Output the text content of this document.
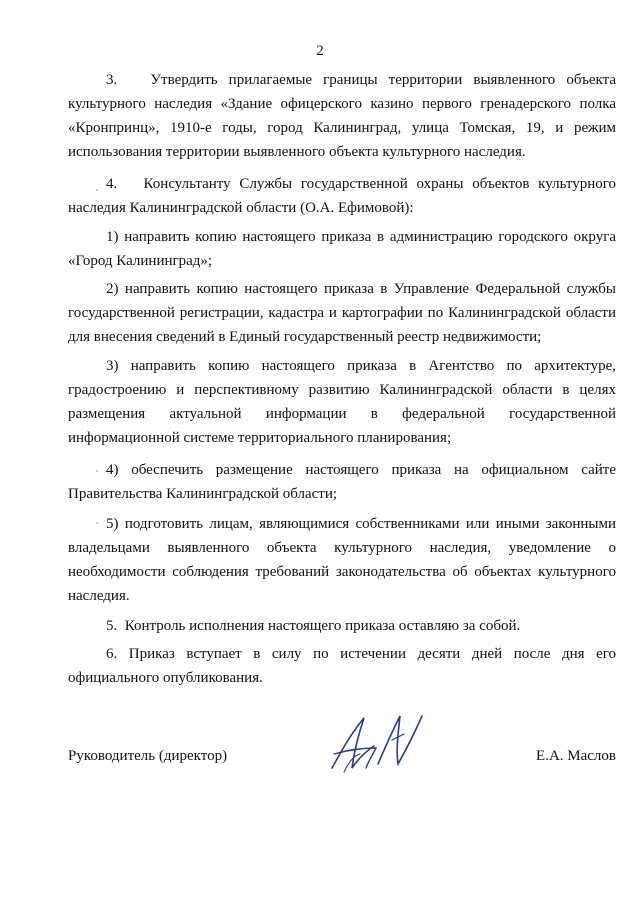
2
3.   Утвердить прилагаемые границы территории выявленного объекта культурного наследия «Здание офицерского казино первого гренадерского полка «Кронпринц», 1910-е годы, город Калининград, улица Томская, 19, и режим использования территории выявленного объекта культурного наследия.
4.   Консультанту Службы государственной охраны объектов культурного наследия Калининградской области (О.А. Ефимовой):
1) направить копию настоящего приказа в администрацию городского округа «Город Калининград»;
2) направить копию настоящего приказа в Управление Федеральной службы государственной регистрации, кадастра и картографии по Калининградской области для внесения сведений в Единый государственный реестр недвижимости;
3) направить копию настоящего приказа в Агентство по архитектуре, градостроению и перспективному развитию Калининградской области в целях размещения актуальной информации в федеральной государственной информационной системе территориального планирования;
4) обеспечить размещение настоящего приказа на официальном сайте Правительства Калининградской области;
5) подготовить лицам, являющимися собственниками или иными законными владельцами выявленного объекта культурного наследия, уведомление о необходимости соблюдения требований законодательства об объектах культурного наследия.
5.  Контроль исполнения настоящего приказа оставляю за собой.
6. Приказ вступает в силу по истечении десяти дней после дня его официального опубликования.
Руководитель (директор)	Е.А. Маслов
